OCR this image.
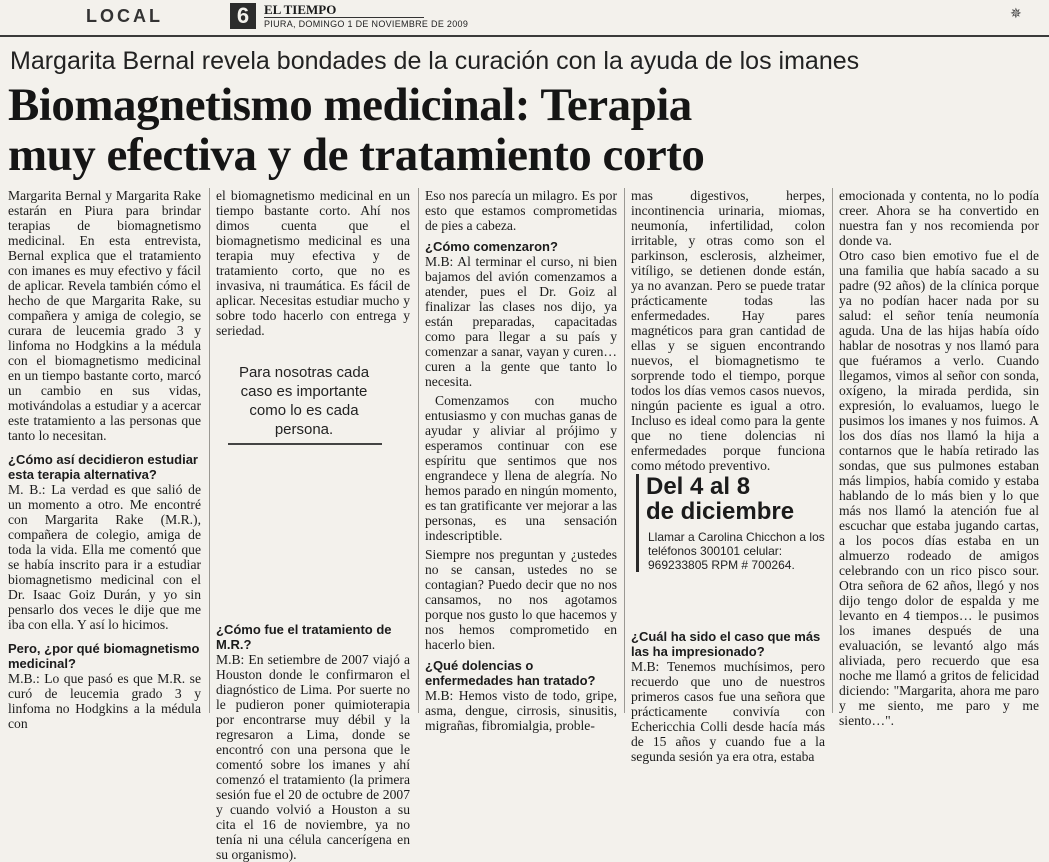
LOCAL	6	EL TIEMPO
PIURA, DOMINGO 1 DE NOVIEMBRE DE 2009
✵
Margarita Bernal revela bondades de la curación con la ayuda de los imanes
Biomagnetismo medicinal: Terapia
muy efectiva y de tratamiento corto

Margarita Bernal y Margarita Rake estarán en Piura para brindar terapias de biomagnetismo medicinal. En esta entrevista, Bernal explica que el tratamiento con imanes es muy efectivo y fácil de aplicar. Revela también cómo el hecho de que Margarita Rake, su compañera y amiga de colegio, se curara de leucemia grado 3 y linfoma no Hodgkins a la médula con el biomagnetismo medicinal en un tiempo bastante corto, marcó un cambio en sus vidas, motivándolas a estudiar y a acercar este tratamiento a las personas que tanto lo necesitan.

¿Cómo así decidieron estudiar esta terapia alternativa?

M. B.: La verdad es que salió de un momento a otro. Me encontré con Margarita Rake (M.R.), compañera de colegio, amiga de toda la vida. Ella me comentó que se había inscrito para ir a estudiar biomagnetismo medicinal con el Dr. Isaac Goiz Durán, y yo sin pensarlo dos veces le dije que me iba con ella. Y así lo hicimos.

Pero, ¿por qué biomagnetismo medicinal?

M.B.: Lo que pasó es que M.R. se curó de leucemia grado 3 y linfoma no Hodgkins a la médula con

el biomagnetismo medicinal en un tiempo bastante corto. Ahí nos dimos cuenta que el biomagnetismo medicinal es una terapia muy efectiva y de tratamiento corto, que no es invasiva, ni traumática. Es fácil de aplicar. Necesitas estudiar mucho y sobre todo hacerlo con entrega y seriedad.

¿Cómo fue el tratamiento de M.R.?

M.B: En setiembre de 2007 viajó a Houston donde le confirmaron el diagnóstico de Lima. Por suerte no le pudieron poner quimioterapia por encontrarse muy débil y la regresaron a Lima, donde se encontró con una persona que le comentó sobre los imanes y ahí comenzó el tratamiento (la primera sesión fue el 20 de octubre de 2007 y cuando volvió a Houston a su cita el 16 de noviembre, ya no tenía ni una célula cancerígena en su organismo).

Para nosotras cada caso es importante como lo es cada persona.

Eso nos parecía un milagro. Es por esto que estamos comprometidas de pies a cabeza.

¿Cómo comenzaron?

M.B: Al terminar el curso, ni bien bajamos del avión comenzamos a atender, pues el Dr. Goiz al finalizar las clases nos dijo, ya están preparadas, capacitadas como para llegar a su país y comenzar a sanar, vayan y curen… curen a la gente que tanto lo necesita.

Comenzamos con mucho entusiasmo y con muchas ganas de ayudar y aliviar al prójimo y esperamos continuar con ese espíritu que sentimos que nos engrandece y llena de alegría. No hemos parado en ningún momento, es tan gratificante ver mejorar a las personas, es una sensación indescriptible.

Siempre nos preguntan y ¿ustedes no se cansan, ustedes no se contagian? Puedo decir que no nos cansamos, no nos agotamos porque nos gusto lo que hacemos y nos hemos comprometido en hacerlo bien.

¿Qué dolencias o enfermedades han tratado?

M.B: Hemos visto de todo, gripe, asma, dengue, cirrosis, sinusitis, migrañas, fibromialgia, proble-

mas digestivos, herpes, incontinencia urinaria, miomas, neumonía, infertilidad, colon irritable, y otras como son el parkinson, esclerosis, alzheimer, vitíligo, se detienen donde están, ya no avanzan. Pero se puede tratar prácticamente todas las enfermedades. Hay pares magnéticos para gran cantidad de ellas y se siguen encontrando nuevos, el biomagnetismo te sorprende todo el tiempo, porque todos los días vemos casos nuevos, ningún paciente es igual a otro. Incluso es ideal como para la gente que no tiene dolencias ni enfermedades porque funciona como método preventivo.

¿Cuál ha sido el caso que más las ha impresionado?

M.B: Tenemos muchísimos, pero recuerdo que uno de nuestros primeros casos fue una señora que prácticamente convivía con Echericchia Colli desde hacía más de 15 años y cuando fue a la segunda sesión ya era otra, estaba

Del 4 al 8
de diciembre
Llamar a Carolina Chicchon a los teléfonos 300101 celular: 969233805 RPM # 700264.

emocionada y contenta, no lo podía creer. Ahora se ha convertido en nuestra fan y nos recomienda por donde va.

Otro caso bien emotivo fue el de una familia que había sacado a su padre (92 años) de la clínica porque ya no podían hacer nada por su salud: el señor tenía neumonía aguda. Una de las hijas había oído hablar de nosotras y nos llamó para que fuéramos a verlo. Cuando llegamos, vimos al señor con sonda, oxígeno, la mirada perdida, sin expresión, lo evaluamos, luego le pusimos los imanes y nos fuimos. A los dos días nos llamó la hija a contarnos que le había retirado las sondas, que sus pulmones estaban más limpios, había comido y estaba hablando de lo más bien y lo que más nos llamó la atención fue al escuchar que estaba jugando cartas, a los pocos días estaba en un almuerzo rodeado de amigos celebrando con un rico pisco sour. Otra señora de 62 años, llegó y nos dijo tengo dolor de espalda y me levanto en 4 tiempos… le pusimos los imanes después de una evaluación, se levantó algo más aliviada, pero recuerdo que esa noche me llamó a gritos de felicidad diciendo: "Margarita, ahora me paro y me siento, me paro y me siento…".
